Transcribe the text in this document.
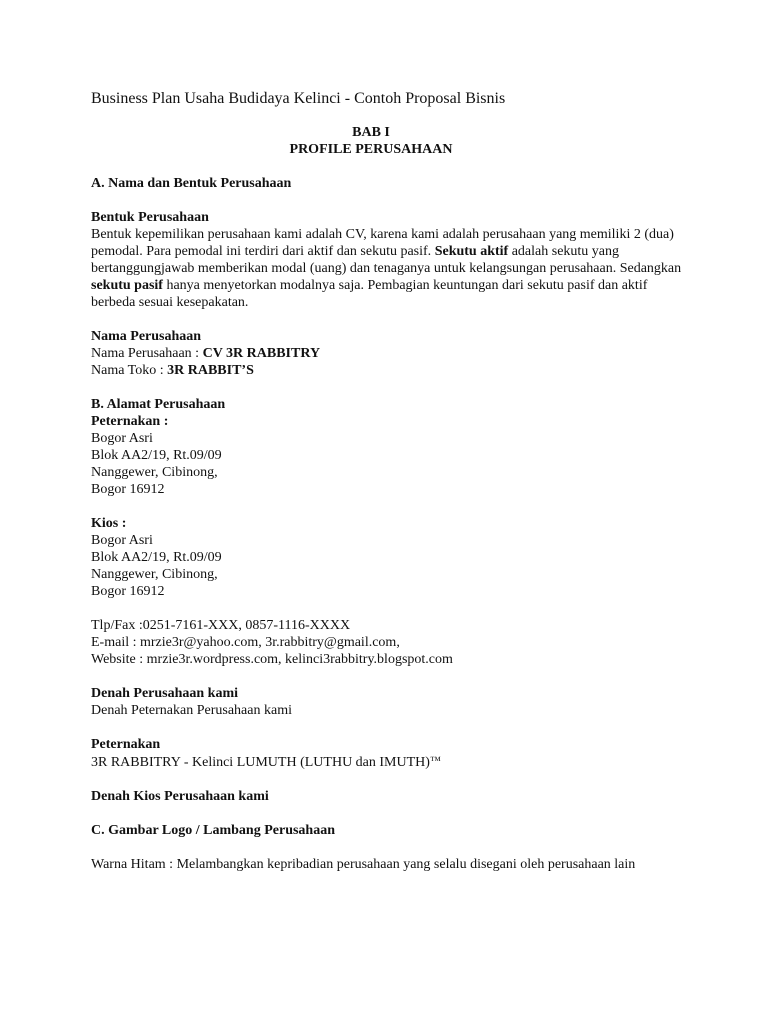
Business Plan Usaha Budidaya Kelinci - Contoh Proposal Bisnis

BAB I

PROFILE PERUSAHAAN

A. Nama dan Bentuk Perusahaan

Bentuk Perusahaan

Bentuk kepemilikan perusahaan kami adalah CV, karena kami adalah perusahaan yang memiliki 2 (dua) pemodal. Para pemodal ini terdiri dari aktif dan sekutu pasif. Sekutu aktif adalah sekutu yang bertanggungjawab memberikan modal (uang) dan tenaganya untuk kelangsungan perusahaan. Sedangkan sekutu pasif hanya menyetorkan modalnya saja. Pembagian keuntungan dari sekutu pasif dan aktif berbeda sesuai kesepakatan.

Nama Perusahaan

Nama Perusahaan : CV 3R RABBITRY

Nama Toko : 3R RABBIT’S

B. Alamat Perusahaan

Peternakan :

Bogor Asri

Blok AA2/19, Rt.09/09

Nanggewer, Cibinong,

Bogor 16912

Kios :

Bogor Asri

Blok AA2/19, Rt.09/09

Nanggewer, Cibinong,

Bogor 16912

Tlp/Fax :0251-7161-XXX, 0857-1116-XXXX

E-mail : mrzie3r@yahoo.com, 3r.rabbitry@gmail.com,

Website : mrzie3r.wordpress.com, kelinci3rabbitry.blogspot.com

Denah Perusahaan kami

Denah Peternakan Perusahaan kami

Peternakan

3R RABBITRY - Kelinci LUMUTH (LUTHU dan IMUTH)™

Denah Kios Perusahaan kami

C. Gambar Logo / Lambang Perusahaan

Warna Hitam : Melambangkan kepribadian perusahaan yang selalu disegani oleh perusahaan lain
